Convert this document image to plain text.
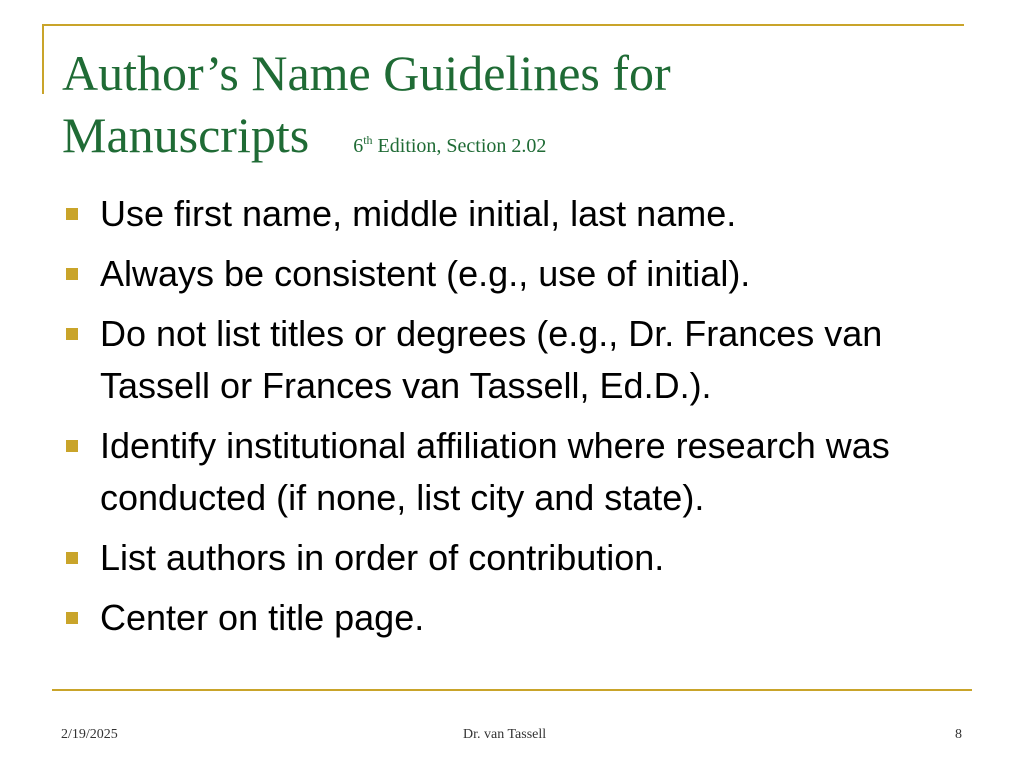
Author’s Name Guidelines for
Manuscripts 6th Edition, Section 2.02
Use first name, middle initial, last name.
Always be consistent (e.g., use of initial).
Do not list titles or degrees (e.g., Dr. Frances van Tassell or Frances van Tassell, Ed.D.).
Identify institutional affiliation where research was conducted (if none, list city and state).
List authors in order of contribution.
Center on title page.
2/19/2025	Dr. van Tassell	8
